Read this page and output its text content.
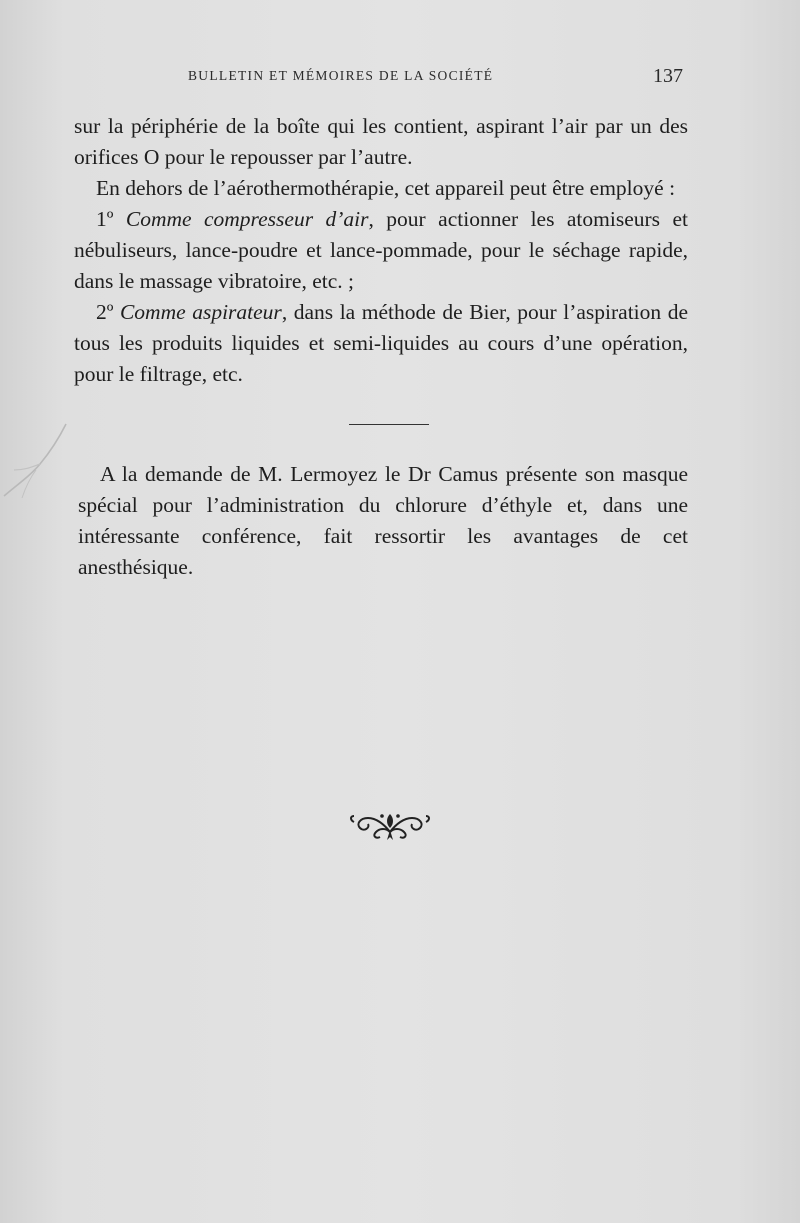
BULLETIN ET MÉMOIRES DE LA SOCIÉTÉ	137

sur la périphérie de la boîte qui les contient, aspirant l’air par un des orifices O pour le repousser par l’autre.

En dehors de l’aérothermothérapie, cet appareil peut être employé :

1º Comme compresseur d’air, pour actionner les atomiseurs et nébuliseurs, lance-poudre et lance-pommade, pour le séchage rapide, dans le massage vibratoire, etc. ;

2º Comme aspirateur, dans la méthode de Bier, pour l’aspiration de tous les produits liquides et semi-liquides au cours d’une opération, pour le filtrage, etc.

A la demande de M. Lermoyez le Dr Camus présente son masque spécial pour l’administration du chlorure d’éthyle et, dans une intéressante conférence, fait ressortir les avantages de cet anesthésique.
